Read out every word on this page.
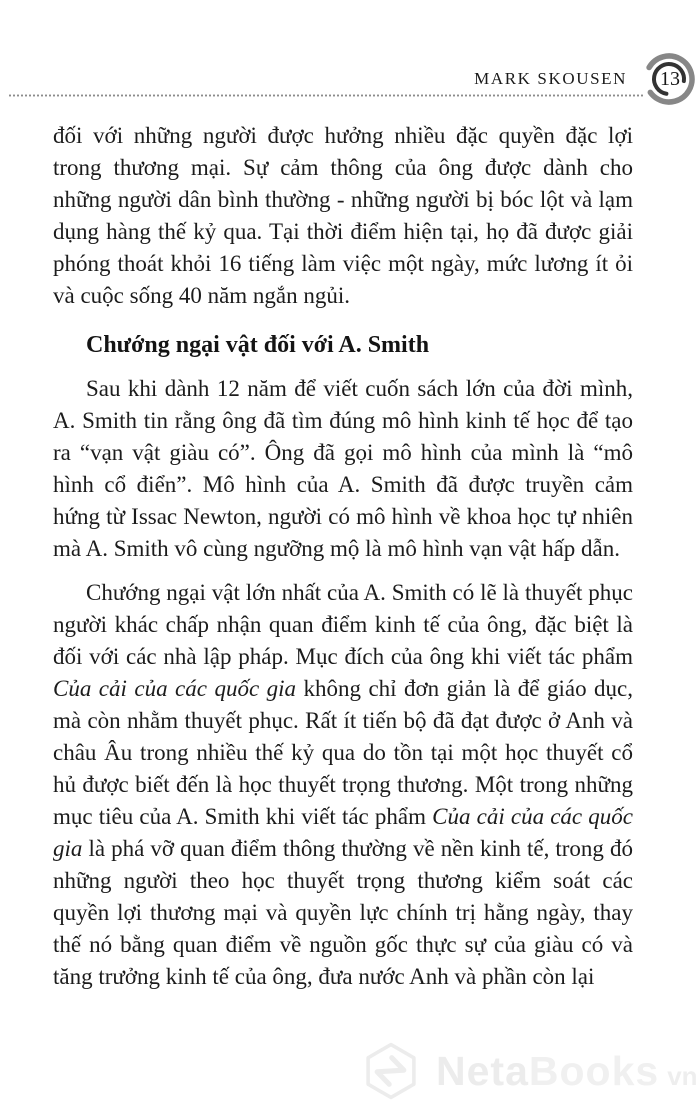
MARK SKOUSEN	13

đối với những người được hưởng nhiều đặc quyền đặc lợi trong thương mại. Sự cảm thông của ông được dành cho những người dân bình thường - những người bị bóc lột và lạm dụng hàng thế kỷ qua. Tại thời điểm hiện tại, họ đã được giải phóng thoát khỏi 16 tiếng làm việc một ngày, mức lương ít ỏi và cuộc sống 40 năm ngắn ngủi.

Chướng ngại vật đối với A. Smith

Sau khi dành 12 năm để viết cuốn sách lớn của đời mình, A. Smith tin rằng ông đã tìm đúng mô hình kinh tế học để tạo ra “vạn vật giàu có”. Ông đã gọi mô hình của mình là “mô hình cổ điển”. Mô hình của A. Smith đã được truyền cảm hứng từ Issac Newton, người có mô hình về khoa học tự nhiên mà A. Smith vô cùng ngưỡng mộ là mô hình vạn vật hấp dẫn.

Chướng ngại vật lớn nhất của A. Smith có lẽ là thuyết phục người khác chấp nhận quan điểm kinh tế của ông, đặc biệt là đối với các nhà lập pháp. Mục đích của ông khi viết tác phẩm Của cải của các quốc gia không chỉ đơn giản là để giáo dục, mà còn nhằm thuyết phục. Rất ít tiến bộ đã đạt được ở Anh và châu Âu trong nhiều thế kỷ qua do tồn tại một học thuyết cổ hủ được biết đến là học thuyết trọng thương. Một trong những mục tiêu của A. Smith khi viết tác phẩm Của cải của các quốc gia là phá vỡ quan điểm thông thường về nền kinh tế, trong đó những người theo học thuyết trọng thương kiểm soát các quyền lợi thương mại và quyền lực chính trị hằng ngày, thay thế nó bằng quan điểm về nguồn gốc thực sự của giàu có và tăng trưởng kinh tế của ông, đưa nước Anh và phần còn lại

Neta Books vn
